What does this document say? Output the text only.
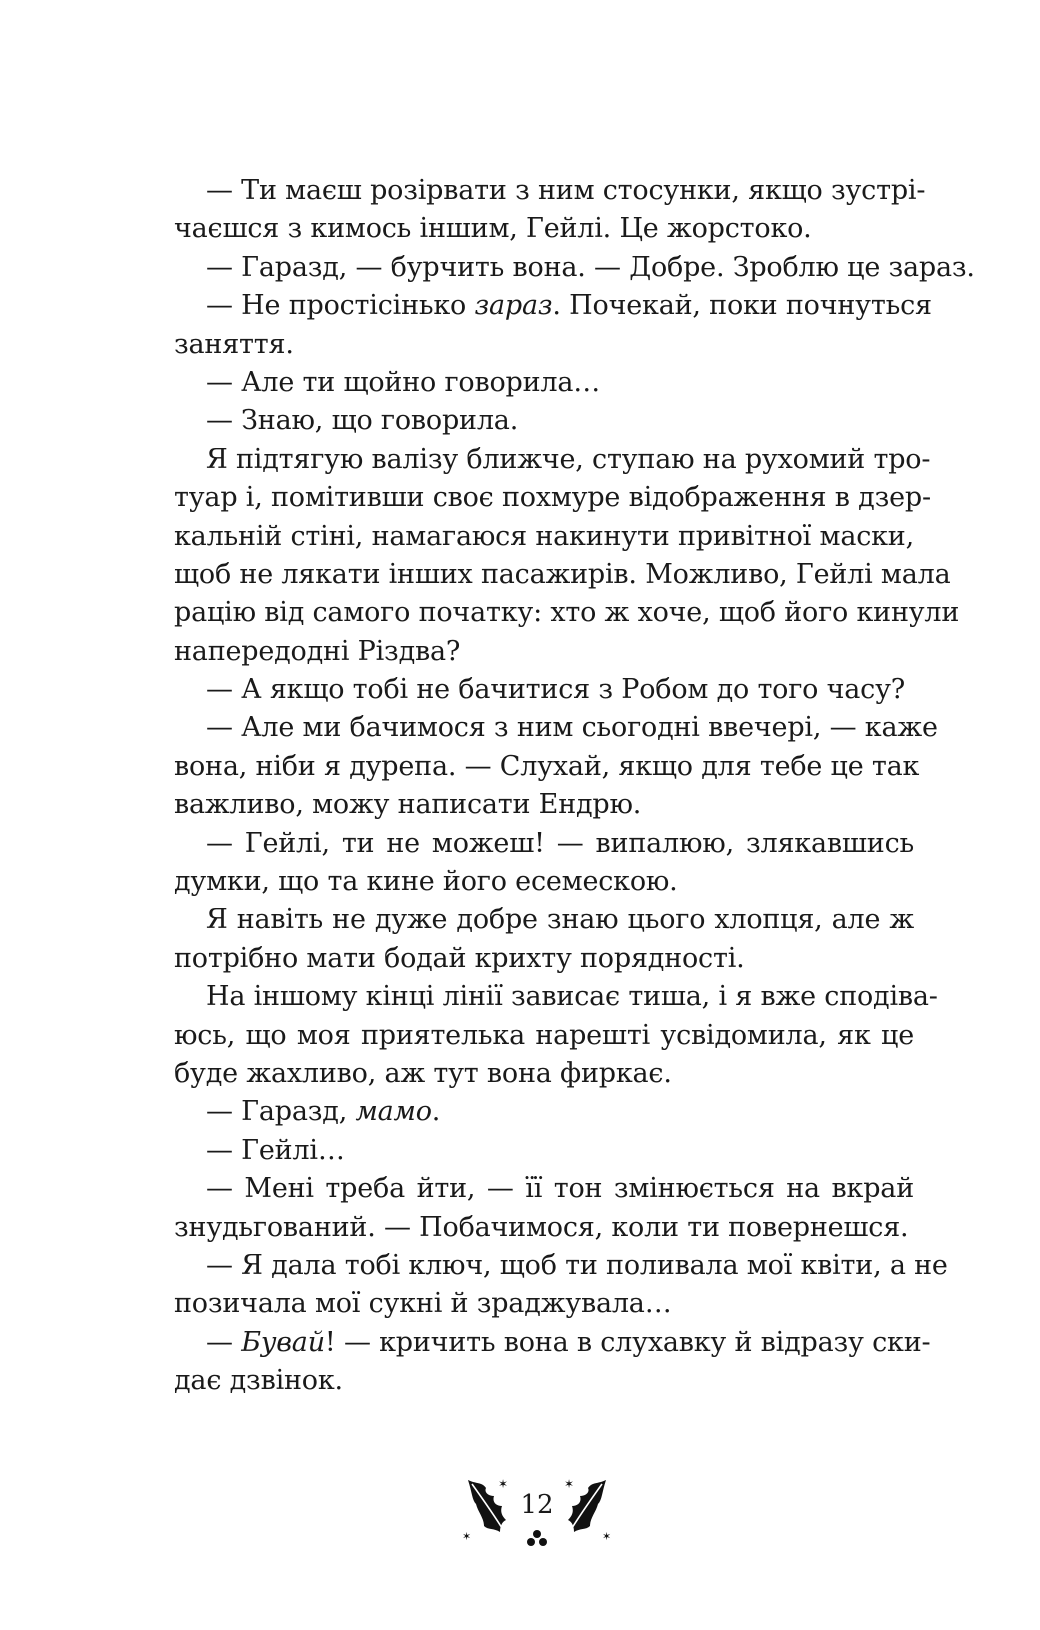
— Ти маєш розірвати з ним стосунки, якщо зустрі-
чаєшся з кимось іншим, Гейлі. Це жорстоко.
— Гаразд, — бурчить вона. — Добре. Зроблю це зараз.
— Не простісінько зараз. Почекай, поки почнуться
заняття.
— Але ти щойно говорила…
— Знаю, що говорила.
Я підтягую валізу ближче, ступаю на рухомий тро-
туар і, помітивши своє похмуре відображення в дзер-
кальній стіні, намагаюся накинути привітної маски,
щоб не лякати інших пасажирів. Можливо, Гейлі мала
рацію від самого початку: хто ж хоче, щоб його кинули
напередодні Різдва?
— А якщо тобі не бачитися з Робом до того часу?
— Але ми бачимося з ним сьогодні ввечері, — каже
вона, ніби я дурепа. — Слухай, якщо для тебе це так
важливо, можу написати Ендрю.
— Гейлі, ти не можеш! — випалюю, злякавшись
думки, що та кине його есемескою.
Я навіть не дуже добре знаю цього хлопця, але ж
потрібно мати бодай крихту порядності.
На іншому кінці лінії зависає тиша, і я вже сподіва-
юсь, що моя приятелька нарешті усвідомила, як це
буде жахливо, аж тут вона фиркає.
— Гаразд, мамо.
— Гейлі…
— Мені треба йти, — її тон змінюється на вкрай
знудьгований. — Побачимося, коли ти повернешся.
— Я дала тобі ключ, щоб ти поливала мої квіти, а не
позичала мої сукні й зраджувала…
— Бувай! — кричить вона в слухавку й відразу ски-
дає дзвінок.
✶	✶
✶	✶
12
